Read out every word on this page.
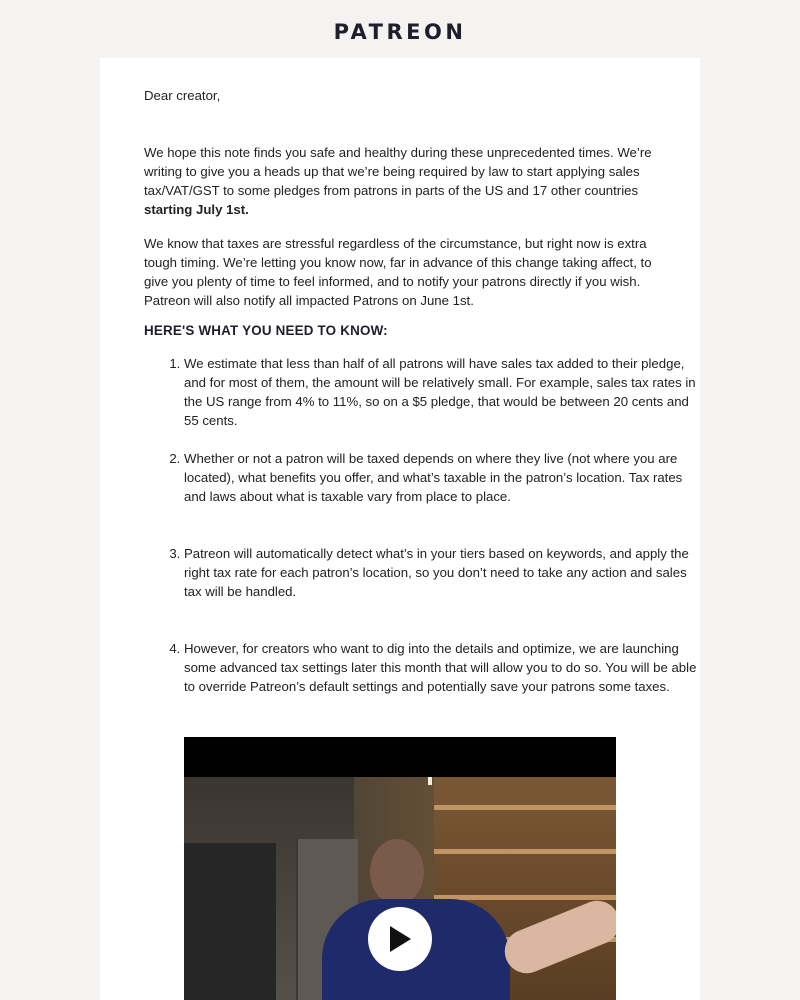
PATREON

Dear creator,

We hope this note finds you safe and healthy during these unprecedented times. We’re writing to give you a heads up that we’re being required by law to start applying sales tax/VAT/GST to some pledges from patrons in parts of the US and 17 other countries starting July 1st.

We know that taxes are stressful regardless of the circumstance, but right now is extra tough timing. We’re letting you know now, far in advance of this change taking affect, to give you plenty of time to feel informed, and to notify your patrons directly if you wish. Patreon will also notify all impacted Patrons on June 1st.

HERE'S WHAT YOU NEED TO KNOW:
1. We estimate that less than half of all patrons will have sales tax added to their pledge, and for most of them, the amount will be relatively small. For example, sales tax rates in the US range from 4% to 11%, so on a $5 pledge, that would be between 20 cents and 55 cents.
2. Whether or not a patron will be taxed depends on where they live (not where you are located), what benefits you offer, and what’s taxable in the patron’s location. Tax rates and laws about what is taxable vary from place to place.
3. Patreon will automatically detect what’s in your tiers based on keywords, and apply the right tax rate for each patron’s location, so you don’t need to take any action and sales tax will be handled.
4. However, for creators who want to dig into the details and optimize, we are launching some advanced tax settings later this month that will allow you to do so. You will be able to override Patreon’s default settings and potentially save your patrons some taxes.
